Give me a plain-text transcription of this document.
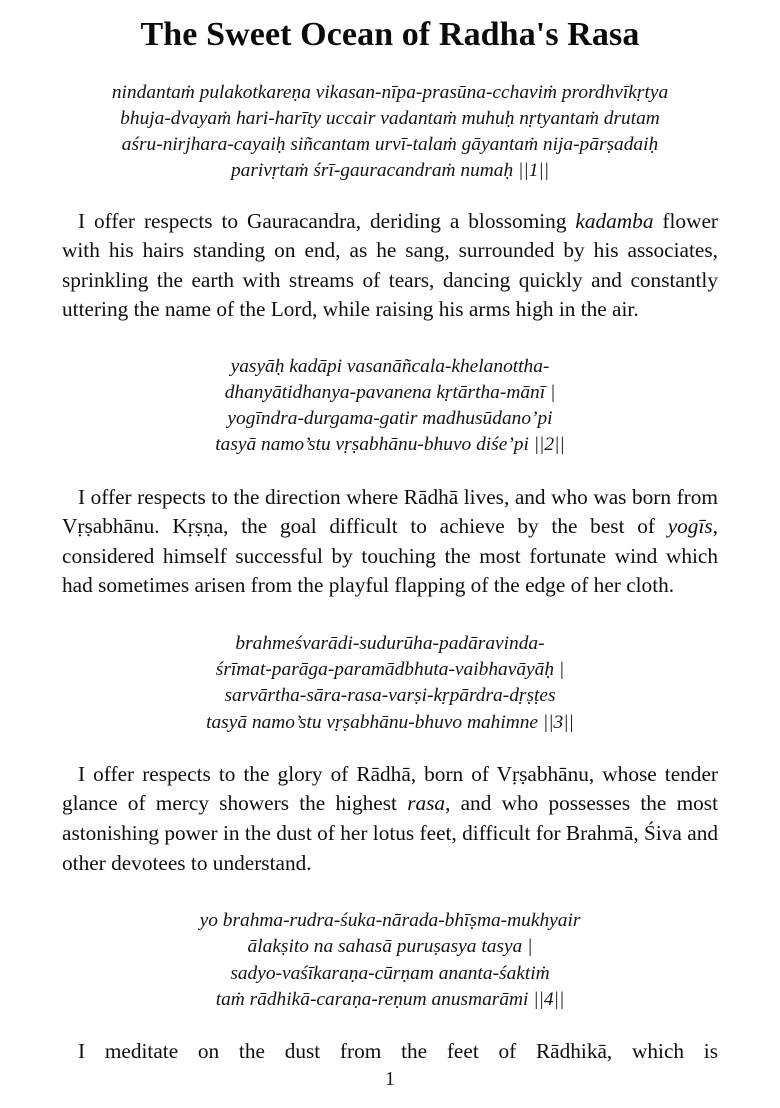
The Sweet Ocean of Radha's Rasa
nindantaṁ pulakotkareṇa vikasan-nīpa-prasūna-cchaviṁ prordhvīkṛtya
bhuja-dvayaṁ hari-harīty uccair vadantaṁ muhuḥ nṛtyantaṁ drutam
aśru-nirjhara-cayaiḥ siñcantam urvī-talaṁ gāyantaṁ nija-pārṣadaiḥ
parivṛtaṁ śrī-gauracandraṁ numaḥ ||1||

I offer respects to Gauracandra, deriding a blossoming kadamba flower with his hairs standing on end, as he sang, surrounded by his associates, sprinkling the earth with streams of tears, dancing quickly and constantly uttering the name of the Lord, while raising his arms high in the air.

yasyāḥ kadāpi vasanāñcala-khelanottha-
dhanyātidhanya-pavanena kṛtārtha-mānī |
yogīndra-durgama-gatir madhusūdano’pi
tasyā namo’stu vṛṣabhānu-bhuvo diśe’pi ||2||

I offer respects to the direction where Rādhā lives, and who was born from Vṛṣabhānu. Kṛṣṇa, the goal difficult to achieve by the best of yogīs, considered himself successful by touching the most fortunate wind which had sometimes arisen from the playful flapping of the edge of her cloth.

brahmeśvarādi-sudurūha-padāravinda-
śrīmat-parāga-paramādbhuta-vaibhavāyāḥ |
sarvārtha-sāra-rasa-varṣi-kṛpārdra-dṛṣṭes
tasyā namo’stu vṛṣabhānu-bhuvo mahimne ||3||

I offer respects to the glory of Rādhā, born of Vṛṣabhānu, whose tender glance of mercy showers the highest rasa, and who possesses the most astonishing power in the dust of her lotus feet, difficult for Brahmā, Śiva and other devotees to understand.

yo brahma-rudra-śuka-nārada-bhīṣma-mukhyair
ālakṣito na sahasā puruṣasya tasya |
sadyo-vaśīkaraṇa-cūrṇam ananta-śaktiṁ
taṁ rādhikā-caraṇa-reṇum anusmarāmi ||4||

I meditate on the dust from the feet of Rādhikā, which is

1
